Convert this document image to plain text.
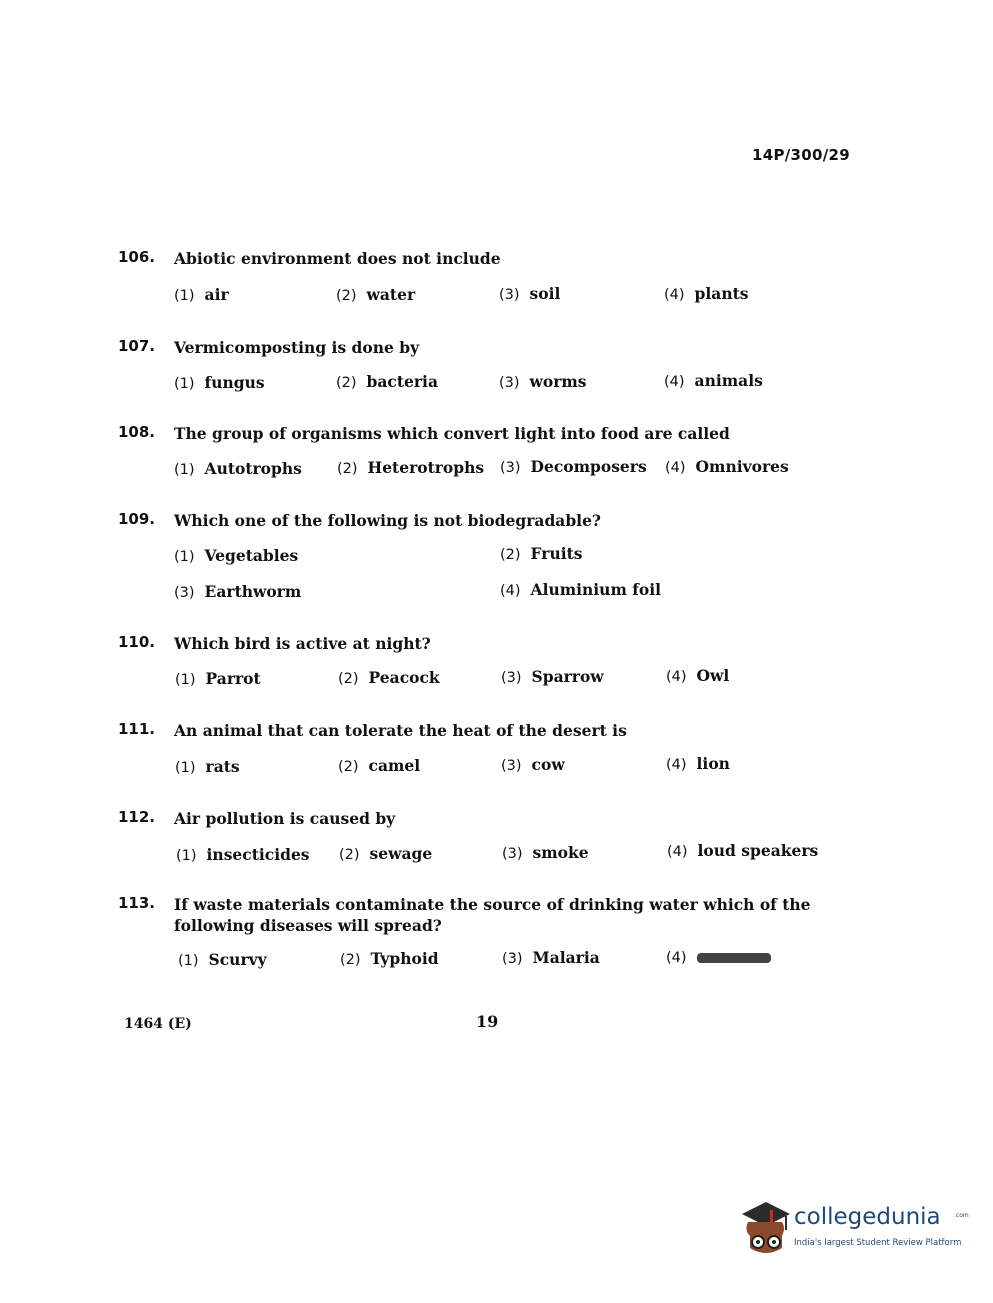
14P/300/29
106. Abiotic environment does not include
(1) air	(2) water	(3) soil	(4) plants
107. Vermicomposting is done by
(1) fungus	(2) bacteria	(3) worms	(4) animals
108. The group of organisms which convert light into food are called
(1) Autotrophs (2) Heterotrophs (3) Decomposers (4) Omnivores
109. Which one of the following is not biodegradable?
(1) Vegetables	(2) Fruits
(3) Earthworm	(4) Aluminium foil
110. Which bird is active at night?
(1) Parrot	(2) Peacock	(3) Sparrow	(4) Owl
111. An animal that can tolerate the heat of the desert is
(1) rats	(2) camel	(3) cow	(4) lion
112. Air pollution is caused by
(1) insecticides (2) sewage	(3) smoke	(4) loud speakers
113. If waste materials contaminate the source of drinking water which of the following diseases will spread?
(1) Scurvy	(2) Typhoid	(3) Malaria	(4)
1464 (E)	19
collegedunia .com
India's largest Student Review Platform
